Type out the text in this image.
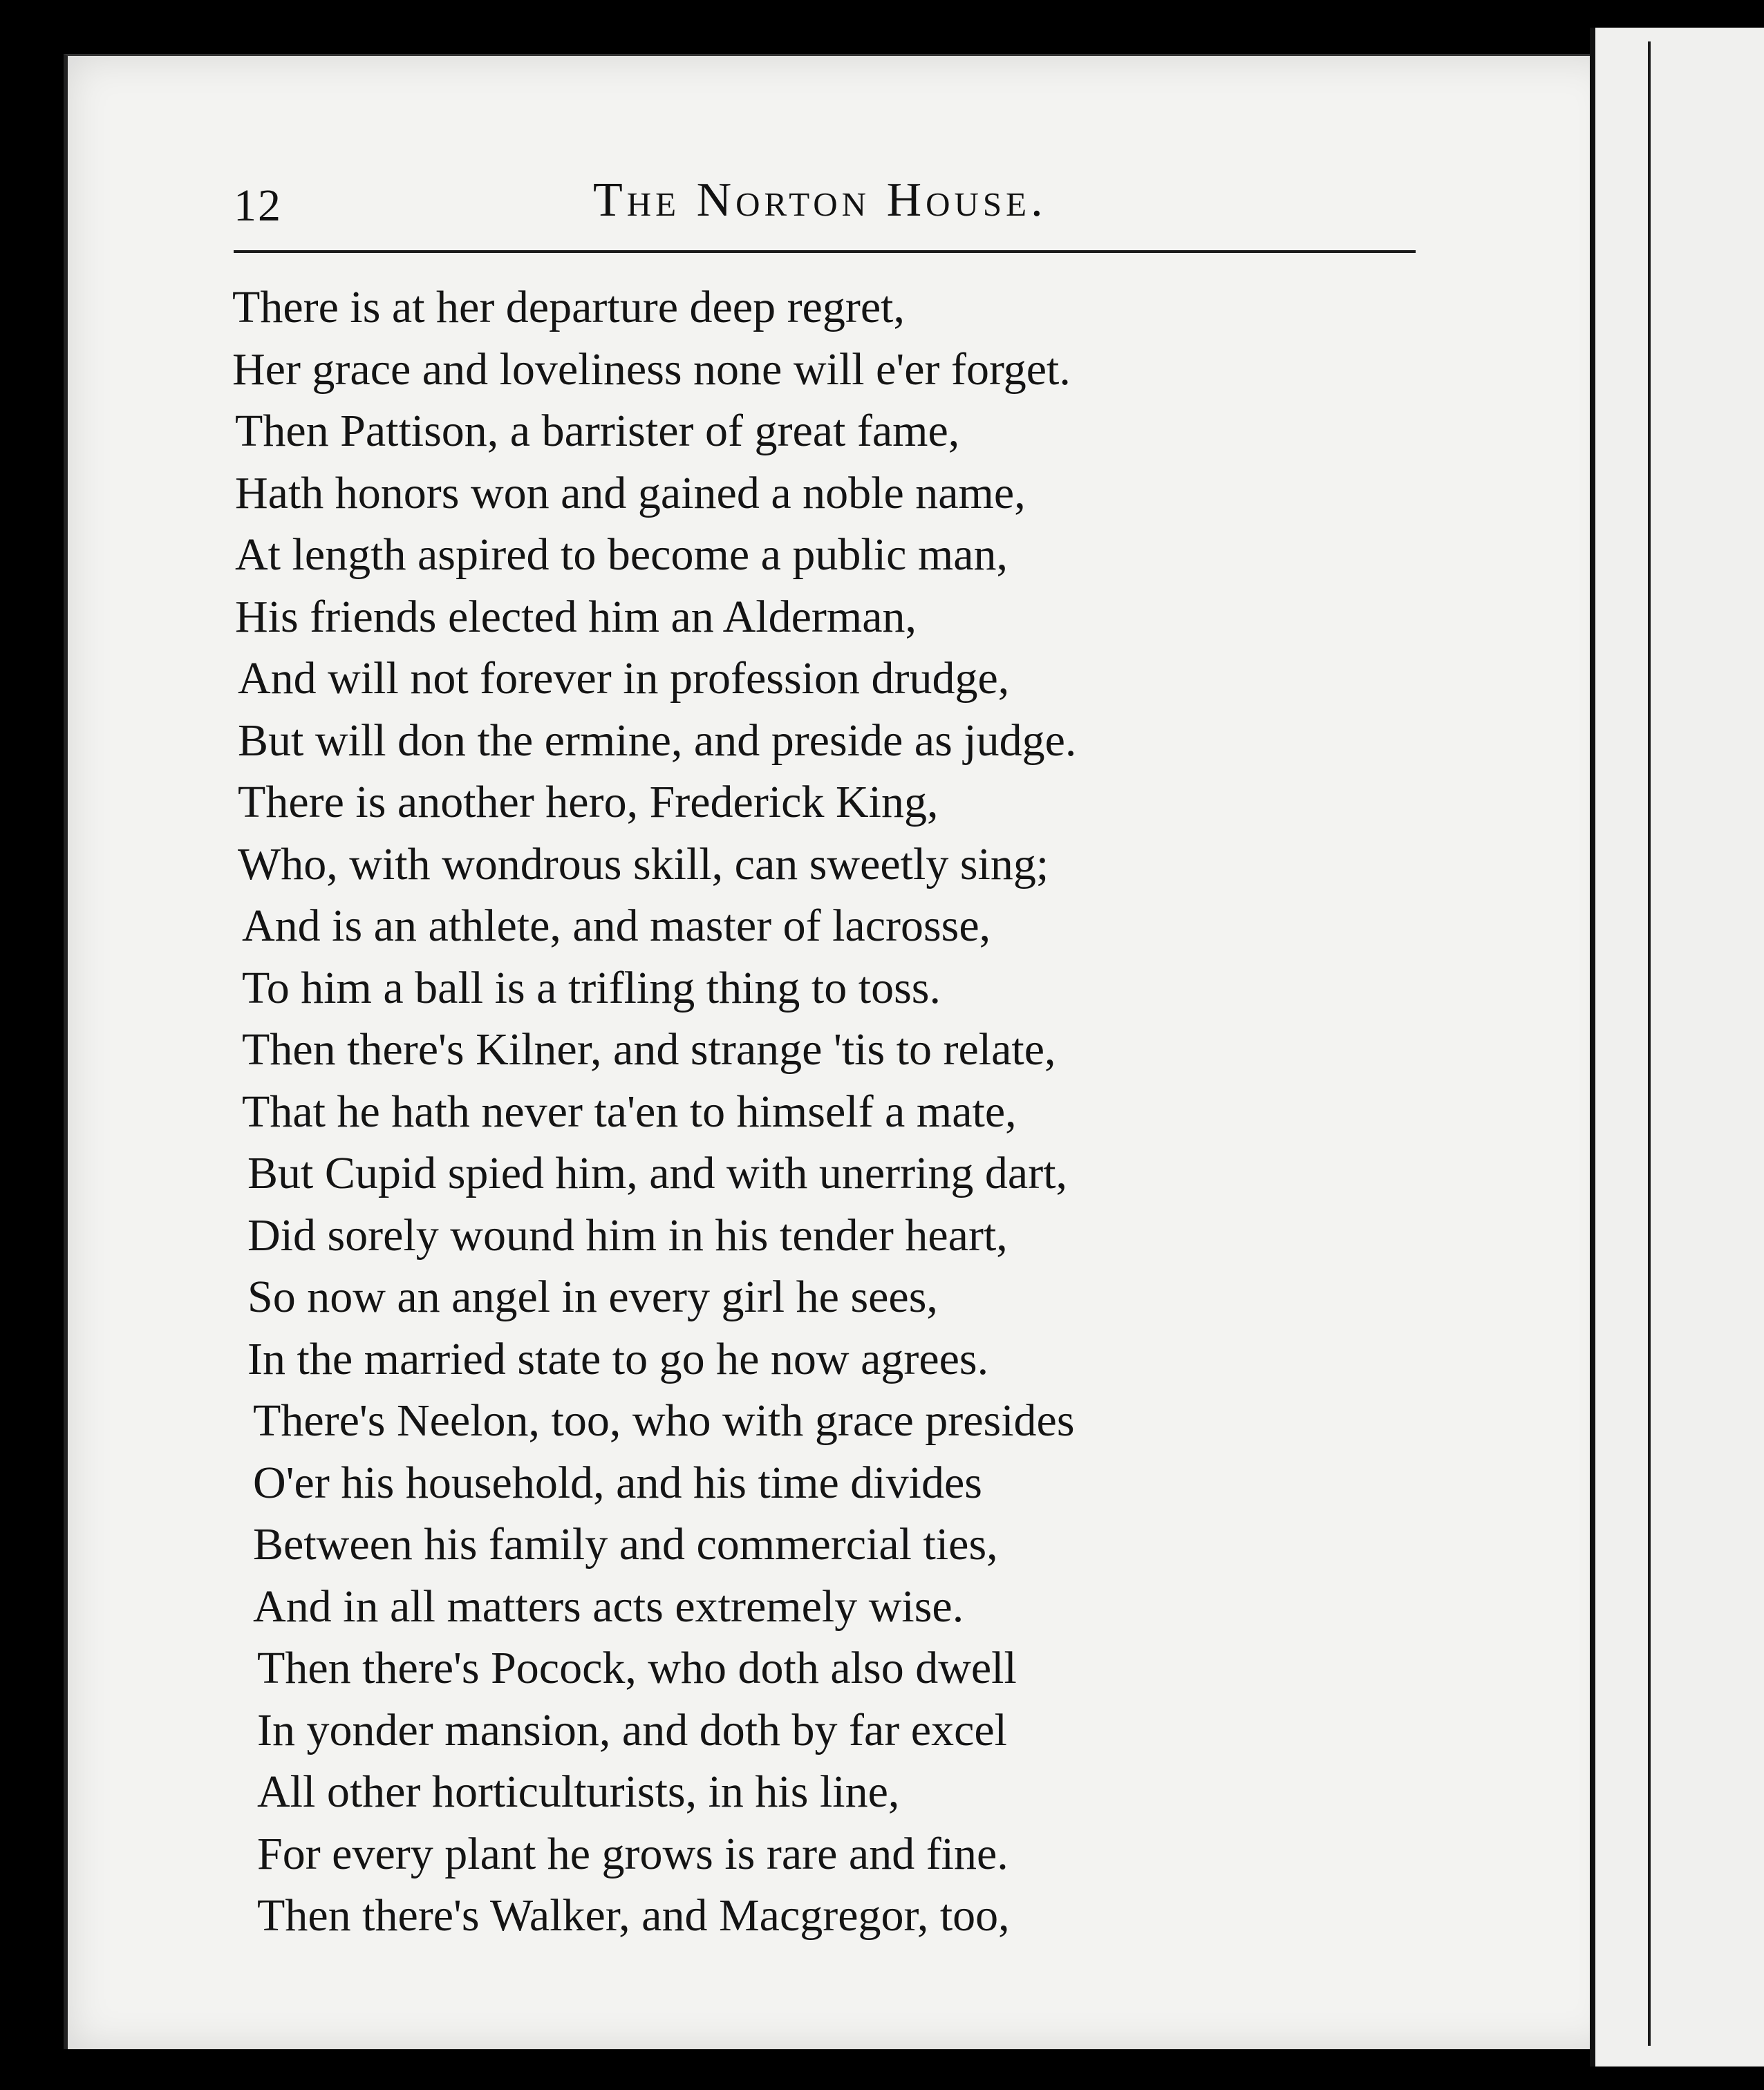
12	The Norton House.
There is at her departure deep regret,
Her grace and loveliness none will e'er forget.
Then Pattison, a barrister of great fame,
Hath honors won and gained a noble name,
At length aspired to become a public man,
His friends elected him an Alderman,
And will not forever in profession drudge,
But will don the ermine, and preside as judge.
There is another hero, Frederick King,
Who, with wondrous skill, can sweetly sing;
And is an athlete, and master of lacrosse,
To him a ball is a trifling thing to toss.
Then there's Kilner, and strange 'tis to relate,
That he hath never ta'en to himself a mate,
But Cupid spied him, and with unerring dart,
Did sorely wound him in his tender heart,
So now an angel in every girl he sees,
In the married state to go he now agrees.
There's Neelon, too, who with grace presides
O'er his household, and his time divides
Between his family and commercial ties,
And in all matters acts extremely wise.
Then there's Pocock, who doth also dwell
In yonder mansion, and doth by far excel
All other horticulturists, in his line,
For every plant he grows is rare and fine.
Then there's Walker, and Macgregor, too,
